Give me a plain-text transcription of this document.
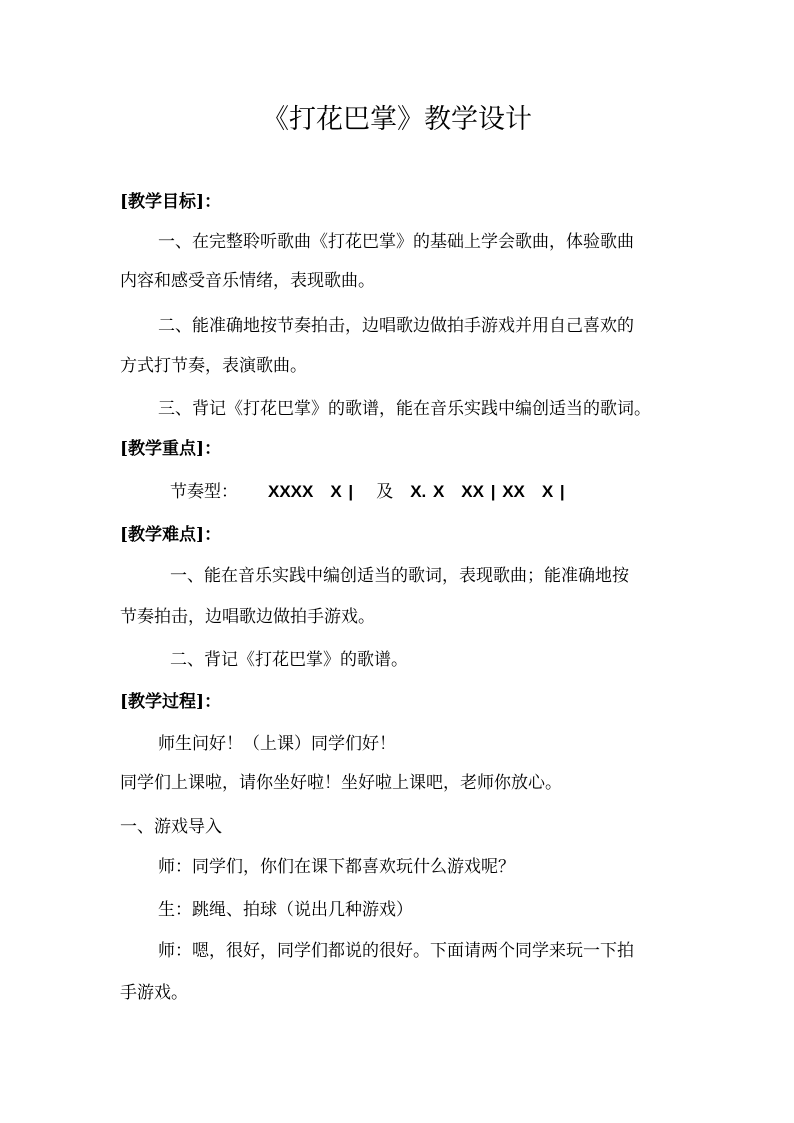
《打花巴掌》教学设计
[教学目标]：
一、在完整聆听歌曲《打花巴掌》的基础上学会歌曲，体验歌曲
内容和感受音乐情绪，表现歌曲。
二、能准确地按节奏拍击，边唱歌边做拍手游戏并用自己喜欢的
方式打节奏，表演歌曲。
三、背记《打花巴掌》的歌谱，能在音乐实践中编创适当的歌词。
[教学重点]：
节奏型： XXXX　X |　 及　 X. X　XX | XX　X |
[教学难点]：
一、能在音乐实践中编创适当的歌词，表现歌曲；能准确地按
节奏拍击，边唱歌边做拍手游戏。
二、背记《打花巴掌》的歌谱。
[教学过程]：
师生问好！（上课）同学们好！
同学们上课啦，请你坐好啦！坐好啦上课吧，老师你放心。
一、游戏导入
师：同学们，你们在课下都喜欢玩什么游戏呢？
生：跳绳、拍球（说出几种游戏）
师：嗯，很好，同学们都说的很好。下面请两个同学来玩一下拍
手游戏。
